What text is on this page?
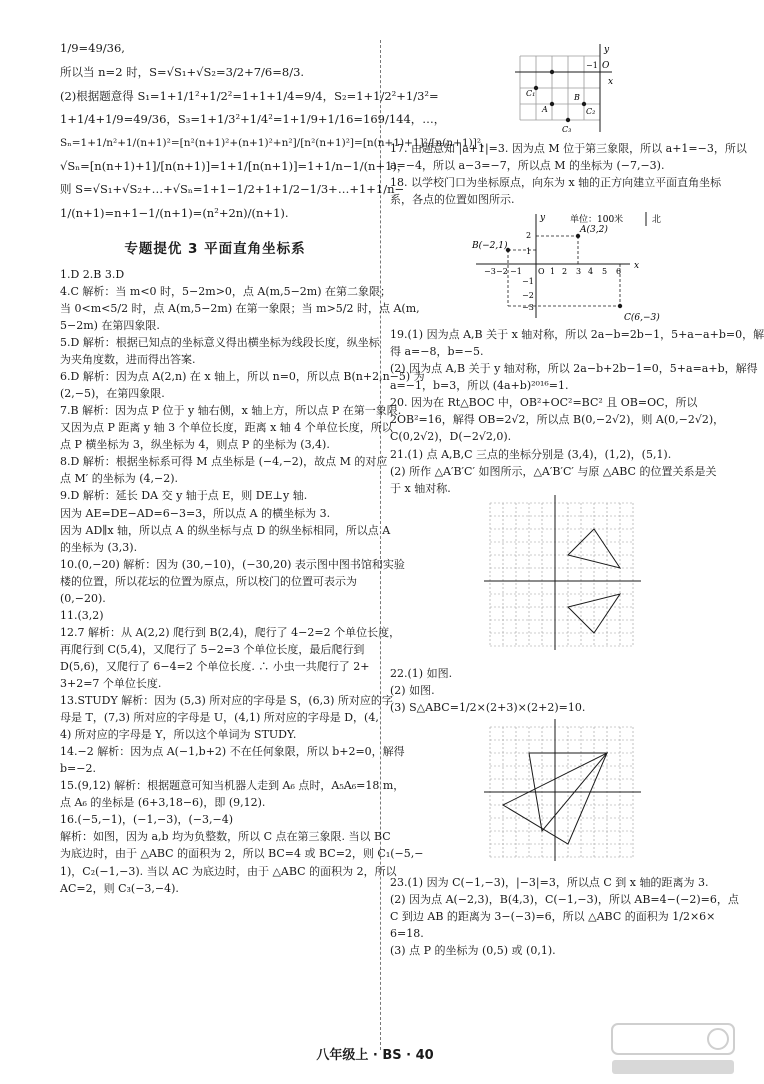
1/9=49/36,
所以当 n=2 时，S=√S₁+√S₂=3/2+7/6=8/3.
(2)根据题意得 S₁=1+1/1²+1/2²=1+1+1/4=9/4，S₂=1+1/2²+1/3²=
1+1/4+1/9=49/36，S₃=1+1/3²+1/4²=1+1/9+1/16=169/144，…，
Sₙ=1+1/n²+1/(n+1)²=[n²(n+1)²+(n+1)²+n²]/[n²(n+1)²]=[n(n+1)+1]²/[n(n+1)]²，
√Sₙ=[n(n+1)+1]/[n(n+1)]=1+1/[n(n+1)]=1+1/n−1/(n+1)，
则 S=√S₁+√S₂+…+√Sₙ=1+1−1/2+1+1/2−1/3+…+1+1/n−
1/(n+1)=n+1−1/(n+1)=(n²+2n)/(n+1).
专题提优 3 平面直角坐标系
1.D 2.B 3.D
4.C 解析：当 m<0 时，5−2m>0，点 A(m,5−2m) 在第二象限；
当 0<m<5/2 时，点 A(m,5−2m) 在第一象限；当 m>5/2 时，点 A(m,
5−2m) 在第四象限.
5.D 解析：根据已知点的坐标意义得出横坐标为线段长度，纵坐标
为夹角度数，进而得出答案.
6.D 解析：因为点 A(2,n) 在 x 轴上，所以 n=0，所以点 B(n+2,n−5) 为
(2,−5)，在第四象限.
7.B 解析：因为点 P 位于 y 轴右侧，x 轴上方，所以点 P 在第一象限.
又因为点 P 距离 y 轴 3 个单位长度，距离 x 轴 4 个单位长度，所以
点 P 横坐标为 3，纵坐标为 4，则点 P 的坐标为 (3,4).
8.D 解析：根据坐标系可得 M 点坐标是 (−4,−2)，故点 M 的对应
点 M′ 的坐标为 (4,−2).
9.D 解析：延长 DA 交 y 轴于点 E，则 DE⊥y 轴.
因为 AE=DE−AD=6−3=3，所以点 A 的横坐标为 3.
因为 AD∥x 轴，所以点 A 的纵坐标与点 D 的纵坐标相同，所以点 A
的坐标为 (3,3).
10.(0,−20) 解析：因为 (30,−10)，(−30,20) 表示图中图书馆和实验
楼的位置，所以花坛的位置为原点，所以校门的位置可表示为
(0,−20).
11.(3,2)
12.7 解析：从 A(2,2) 爬行到 B(2,4)，爬行了 4−2=2 个单位长度，
再爬行到 C(5,4)，又爬行了 5−2=3 个单位长度，最后爬行到
D(5,6)，又爬行了 6−4=2 个单位长度. ∴ 小虫一共爬行了 2+
3+2=7 个单位长度.
13.STUDY 解析：因为 (5,3) 所对应的字母是 S，(6,3) 所对应的字
母是 T，(7,3) 所对应的字母是 U，(4,1) 所对应的字母是 D，(4,
4) 所对应的字母是 Y，所以这个单词为 STUDY.
14.−2 解析：因为点 A(−1,b+2) 不在任何象限，所以 b+2=0，解得
b=−2.
15.(9,12) 解析：根据题意可知当机器人走到 A₆ 点时，A₅A₆=18 m，
点 A₆ 的坐标是 (6+3,18−6)，即 (9,12).
16.(−5,−1)，(−1,−3)，(−3,−4)
解析：如图，因为 a,b 均为负整数，所以 C 点在第三象限. 当以 BC
为底边时，由于 △ABC 的面积为 2，所以 BC=4 或 BC=2，则 C₁(−5,−
1)，C₂(−1,−3). 当以 AC 为底边时，由于 △ABC 的面积为 2，所以
AC=2，则 C₃(−3,−4).
y
x
O
−1
C₁
C₂
C₃
A
B
17. 由题意知 |a+1|=3. 因为点 M 位于第三象限，所以 a+1=−3，所以
a=−4，所以 a−3=−7，所以点 M 的坐标为 (−7,−3).
18. 以学校门口为坐标原点，向东为 x 轴的正方向建立平面直角坐标
系，各点的位置如图所示.
y	单位：100米	北
A(3,2)
B(−2,1)
C(6,−3)
x
−3 −2 −1 O 1 2 3 4 5 6
2
1
−1
−2
−3
19.(1) 因为点 A,B 关于 x 轴对称，所以 2a−b=2b−1，5+a−a+b=0，解
得 a=−8，b=−5.
(2) 因为点 A,B 关于 y 轴对称，所以 2a−b+2b−1=0，5+a=a+b，解得
a=−1，b=3，所以 (4a+b)²⁰¹⁶=1.
20. 因为在 Rt△BOC 中，OB²+OC²=BC² 且 OB=OC，所以
2OB²=16，解得 OB=2√2，所以点 B(0,−2√2)，则 A(0,−2√2)，
C(0,2√2)，D(−2√2,0).
21.(1) 点 A,B,C 三点的坐标分别是 (3,4)，(1,2)，(5,1).
(2) 所作 △A′B′C′ 如图所示，△A′B′C′ 与原 △ABC 的位置关系是关
于 x 轴对称.
22.(1) 如图.
(2) 如图.
(3) S△ABC=1/2×(2+3)×(2+2)=10.
23.(1) 因为 C(−1,−3)，|−3|=3，所以点 C 到 x 轴的距离为 3.
(2) 因为点 A(−2,3)，B(4,3)，C(−1,−3)，所以 AB=4−(−2)=6，点
C 到边 AB 的距离为 3−(−3)=6，所以 △ABC 的面积为 1/2×6×
6=18.
(3) 点 P 的坐标为 (0,5) 或 (0,1).
八年级上 · BS · 40
